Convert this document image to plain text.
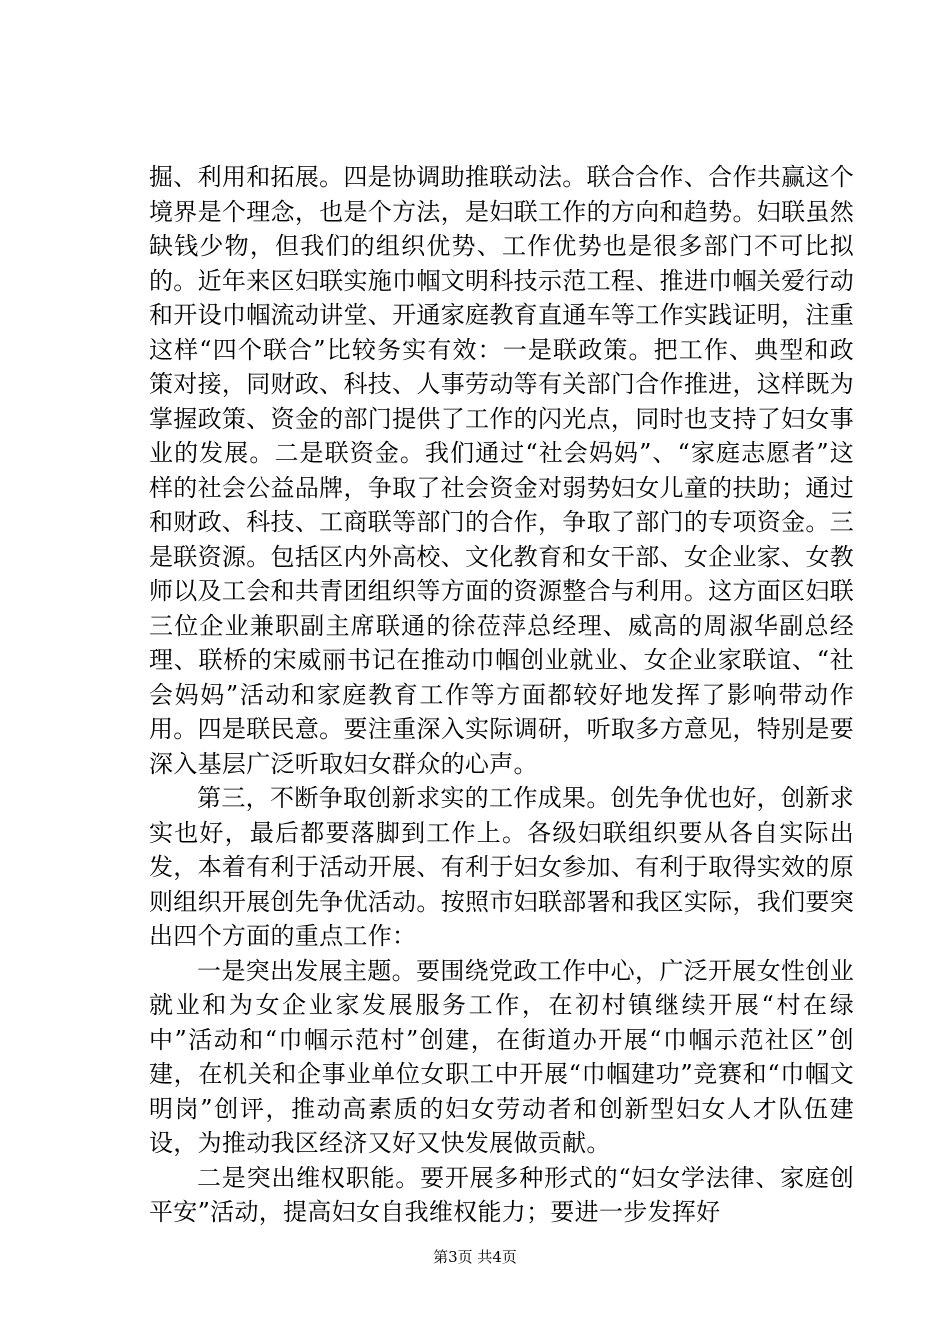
掘、利用和拓展。四是协调助推联动法。联合合作、合作共赢这个境界是个理念，也是个方法，是妇联工作的方向和趋势。妇联虽然缺钱少物，但我们的组织优势、工作优势也是很多部门不可比拟的。近年来区妇联实施巾帼文明科技示范工程、推进巾帼关爱行动和开设巾帼流动讲堂、开通家庭教育直通车等工作实践证明，注重这样“四个联合”比较务实有效：一是联政策。把工作、典型和政策对接，同财政、科技、人事劳动等有关部门合作推进，这样既为掌握政策、资金的部门提供了工作的闪光点，同时也支持了妇女事业的发展。二是联资金。我们通过“社会妈妈”、“家庭志愿者”这样的社会公益品牌，争取了社会资金对弱势妇女儿童的扶助；通过和财政、科技、工商联等部门的合作，争取了部门的专项资金。三是联资源。包括区内外高校、文化教育和女干部、女企业家、女教师以及工会和共青团组织等方面的资源整合与利用。这方面区妇联三位企业兼职副主席联通的徐莅萍总经理、威高的周淑华副总经理、联桥的宋威丽书记在推动巾帼创业就业、女企业家联谊、“社会妈妈”活动和家庭教育工作等方面都较好地发挥了影响带动作用。四是联民意。要注重深入实际调研，听取多方意见，特别是要深入基层广泛听取妇女群众的心声。

第三，不断争取创新求实的工作成果。创先争优也好，创新求实也好，最后都要落脚到工作上。各级妇联组织要从各自实际出发，本着有利于活动开展、有利于妇女参加、有利于取得实效的原则组织开展创先争优活动。按照市妇联部署和我区实际，我们要突出四个方面的重点工作：

一是突出发展主题。要围绕党政工作中心，广泛开展女性创业就业和为女企业家发展服务工作，在初村镇继续开展“村在绿中”活动和“巾帼示范村”创建，在街道办开展“巾帼示范社区”创建，在机关和企事业单位女职工中开展“巾帼建功”竞赛和“巾帼文明岗”创评，推动高素质的妇女劳动者和创新型妇女人才队伍建设，为推动我区经济又好又快发展做贡献。

二是突出维权职能。要开展多种形式的“妇女学法律、家庭创平安”活动，提高妇女自我维权能力；要进一步发挥好

第3页 共4页
